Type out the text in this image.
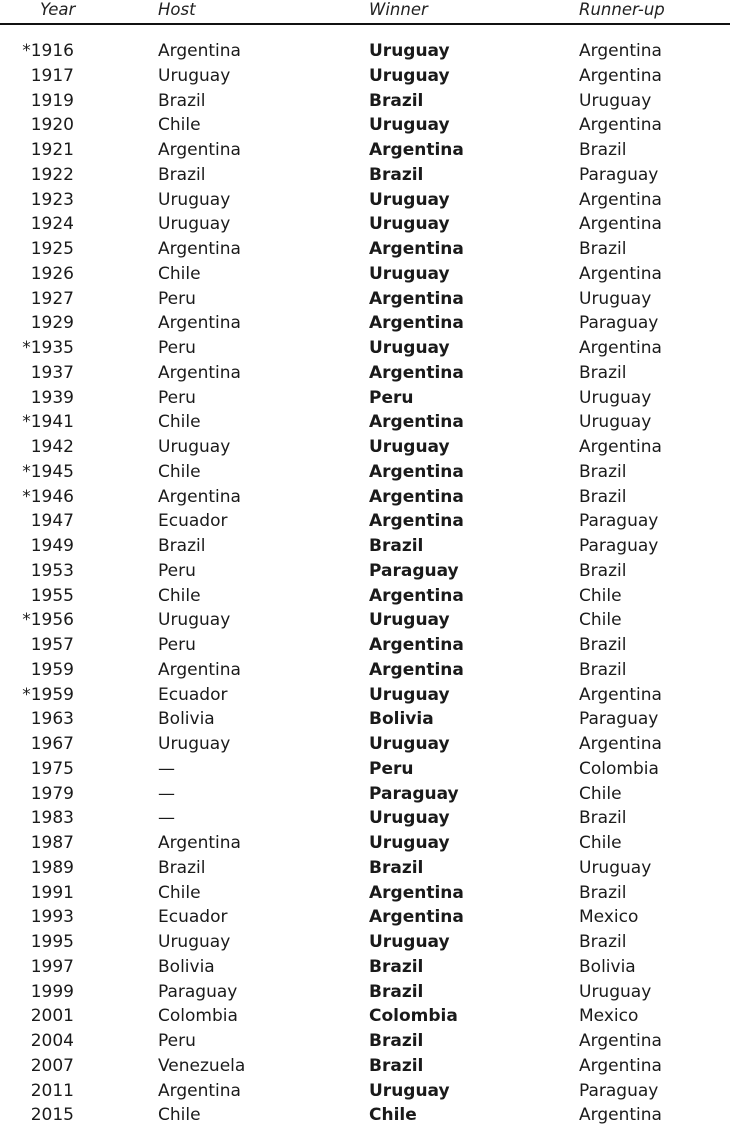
Year	Host	Winner	Runner-up
*1916	Argentina	Uruguay	Argentina
1917	Uruguay	Uruguay	Argentina
1919	Brazil	Brazil	Uruguay
1920	Chile	Uruguay	Argentina
1921	Argentina	Argentina	Brazil
1922	Brazil	Brazil	Paraguay
1923	Uruguay	Uruguay	Argentina
1924	Uruguay	Uruguay	Argentina
1925	Argentina	Argentina	Brazil
1926	Chile	Uruguay	Argentina
1927	Peru	Argentina	Uruguay
1929	Argentina	Argentina	Paraguay
*1935	Peru	Uruguay	Argentina
1937	Argentina	Argentina	Brazil
1939	Peru	Peru	Uruguay
*1941	Chile	Argentina	Uruguay
1942	Uruguay	Uruguay	Argentina
*1945	Chile	Argentina	Brazil
*1946	Argentina	Argentina	Brazil
1947	Ecuador	Argentina	Paraguay
1949	Brazil	Brazil	Paraguay
1953	Peru	Paraguay	Brazil
1955	Chile	Argentina	Chile
*1956	Uruguay	Uruguay	Chile
1957	Peru	Argentina	Brazil
1959	Argentina	Argentina	Brazil
*1959	Ecuador	Uruguay	Argentina
1963	Bolivia	Bolivia	Paraguay
1967	Uruguay	Uruguay	Argentina
1975	—	Peru	Colombia
1979	—	Paraguay	Chile
1983	—	Uruguay	Brazil
1987	Argentina	Uruguay	Chile
1989	Brazil	Brazil	Uruguay
1991	Chile	Argentina	Brazil
1993	Ecuador	Argentina	Mexico
1995	Uruguay	Uruguay	Brazil
1997	Bolivia	Brazil	Bolivia
1999	Paraguay	Brazil	Uruguay
2001	Colombia	Colombia	Mexico
2004	Peru	Brazil	Argentina
2007	Venezuela	Brazil	Argentina
2011	Argentina	Uruguay	Paraguay
2015	Chile	Chile	Argentina
